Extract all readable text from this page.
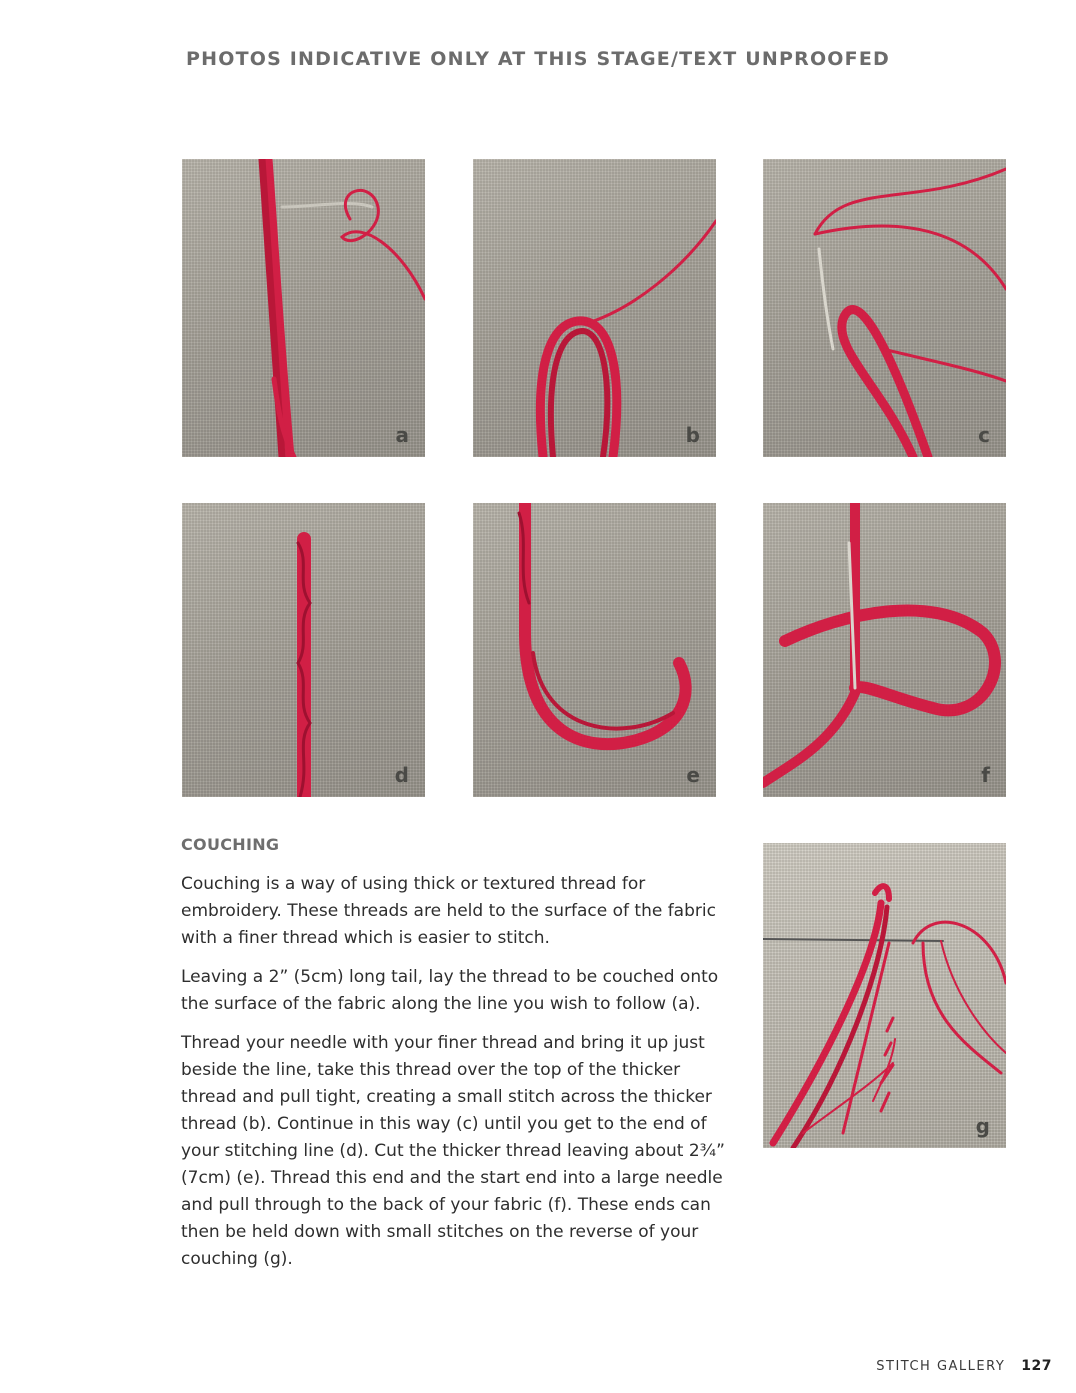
PHOTOS INDICATIVE ONLY AT THIS STAGE/TEXT UNPROOFED
a	b	c
d	e	f
g
COUCHING

Couching is a way of using thick or textured thread for embroidery. These threads are held to the surface of the fabric with a finer thread which is easier to stitch.

Leaving a 2” (5cm) long tail, lay the thread to be couched onto the surface of the fabric along the line you wish to follow (a).

Thread your needle with your finer thread and bring it up just beside the line, take this thread over the top of the thicker thread and pull tight, creating a small stitch across the thicker thread (b). Continue in this way (c) until you get to the end of your stitching line (d). Cut the thicker thread leaving about 2¾” (7cm) (e). Thread this end and the start end into a large needle and pull through to the back of your fabric (f). These ends can then be held down with small stitches on the reverse of your couching (g).

STITCH GALLERY 127
